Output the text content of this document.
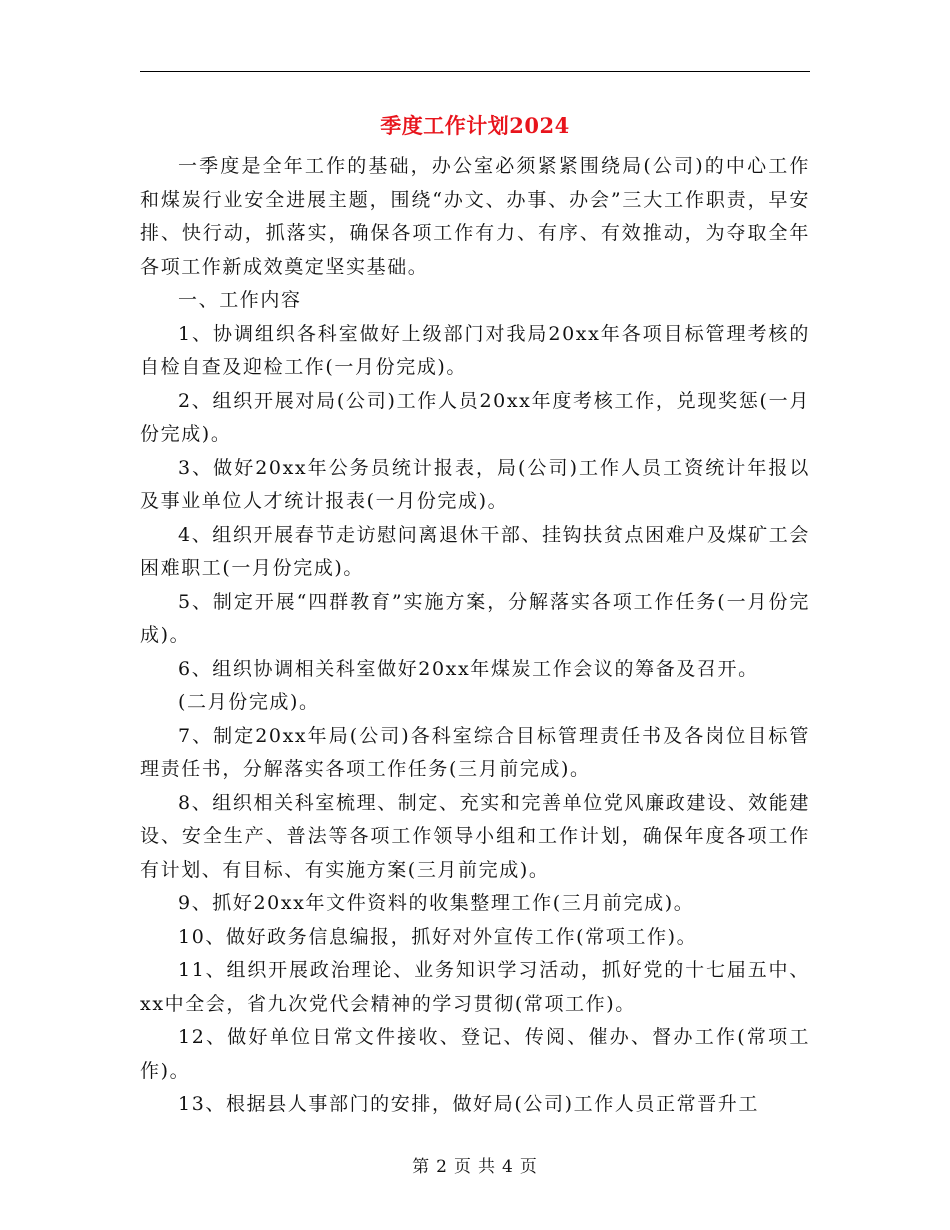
季度工作计划2024

一季度是全年工作的基础，办公室必须紧紧围绕局(公司)的中心工作和煤炭行业安全进展主题，围绕“办文、办事、办会”三大工作职责，早安排、快行动，抓落实，确保各项工作有力、有序、有效推动，为夺取全年各项工作新成效奠定坚实基础。

一、工作内容

1、协调组织各科室做好上级部门对我局20xx年各项目标管理考核的自检自查及迎检工作(一月份完成)。

2、组织开展对局(公司)工作人员20xx年度考核工作，兑现奖惩(一月份完成)。

3、做好20xx年公务员统计报表，局(公司)工作人员工资统计年报以及事业单位人才统计报表(一月份完成)。

4、组织开展春节走访慰问离退休干部、挂钩扶贫点困难户及煤矿工会困难职工(一月份完成)。

5、制定开展“四群教育”实施方案，分解落实各项工作任务(一月份完成)。

6、组织协调相关科室做好20xx年煤炭工作会议的筹备及召开。

(二月份完成)。

7、制定20xx年局(公司)各科室综合目标管理责任书及各岗位目标管理责任书，分解落实各项工作任务(三月前完成)。

8、组织相关科室梳理、制定、充实和完善单位党风廉政建设、效能建设、安全生产、普法等各项工作领导小组和工作计划，确保年度各项工作有计划、有目标、有实施方案(三月前完成)。

9、抓好20xx年文件资料的收集整理工作(三月前完成)。

10、做好政务信息编报，抓好对外宣传工作(常项工作)。

11、组织开展政治理论、业务知识学习活动，抓好党的十七届五中、xx中全会，省九次党代会精神的学习贯彻(常项工作)。

12、做好单位日常文件接收、登记、传阅、催办、督办工作(常项工作)。

13、根据县人事部门的安排，做好局(公司)工作人员正常晋升工

第 2 页 共 4 页
